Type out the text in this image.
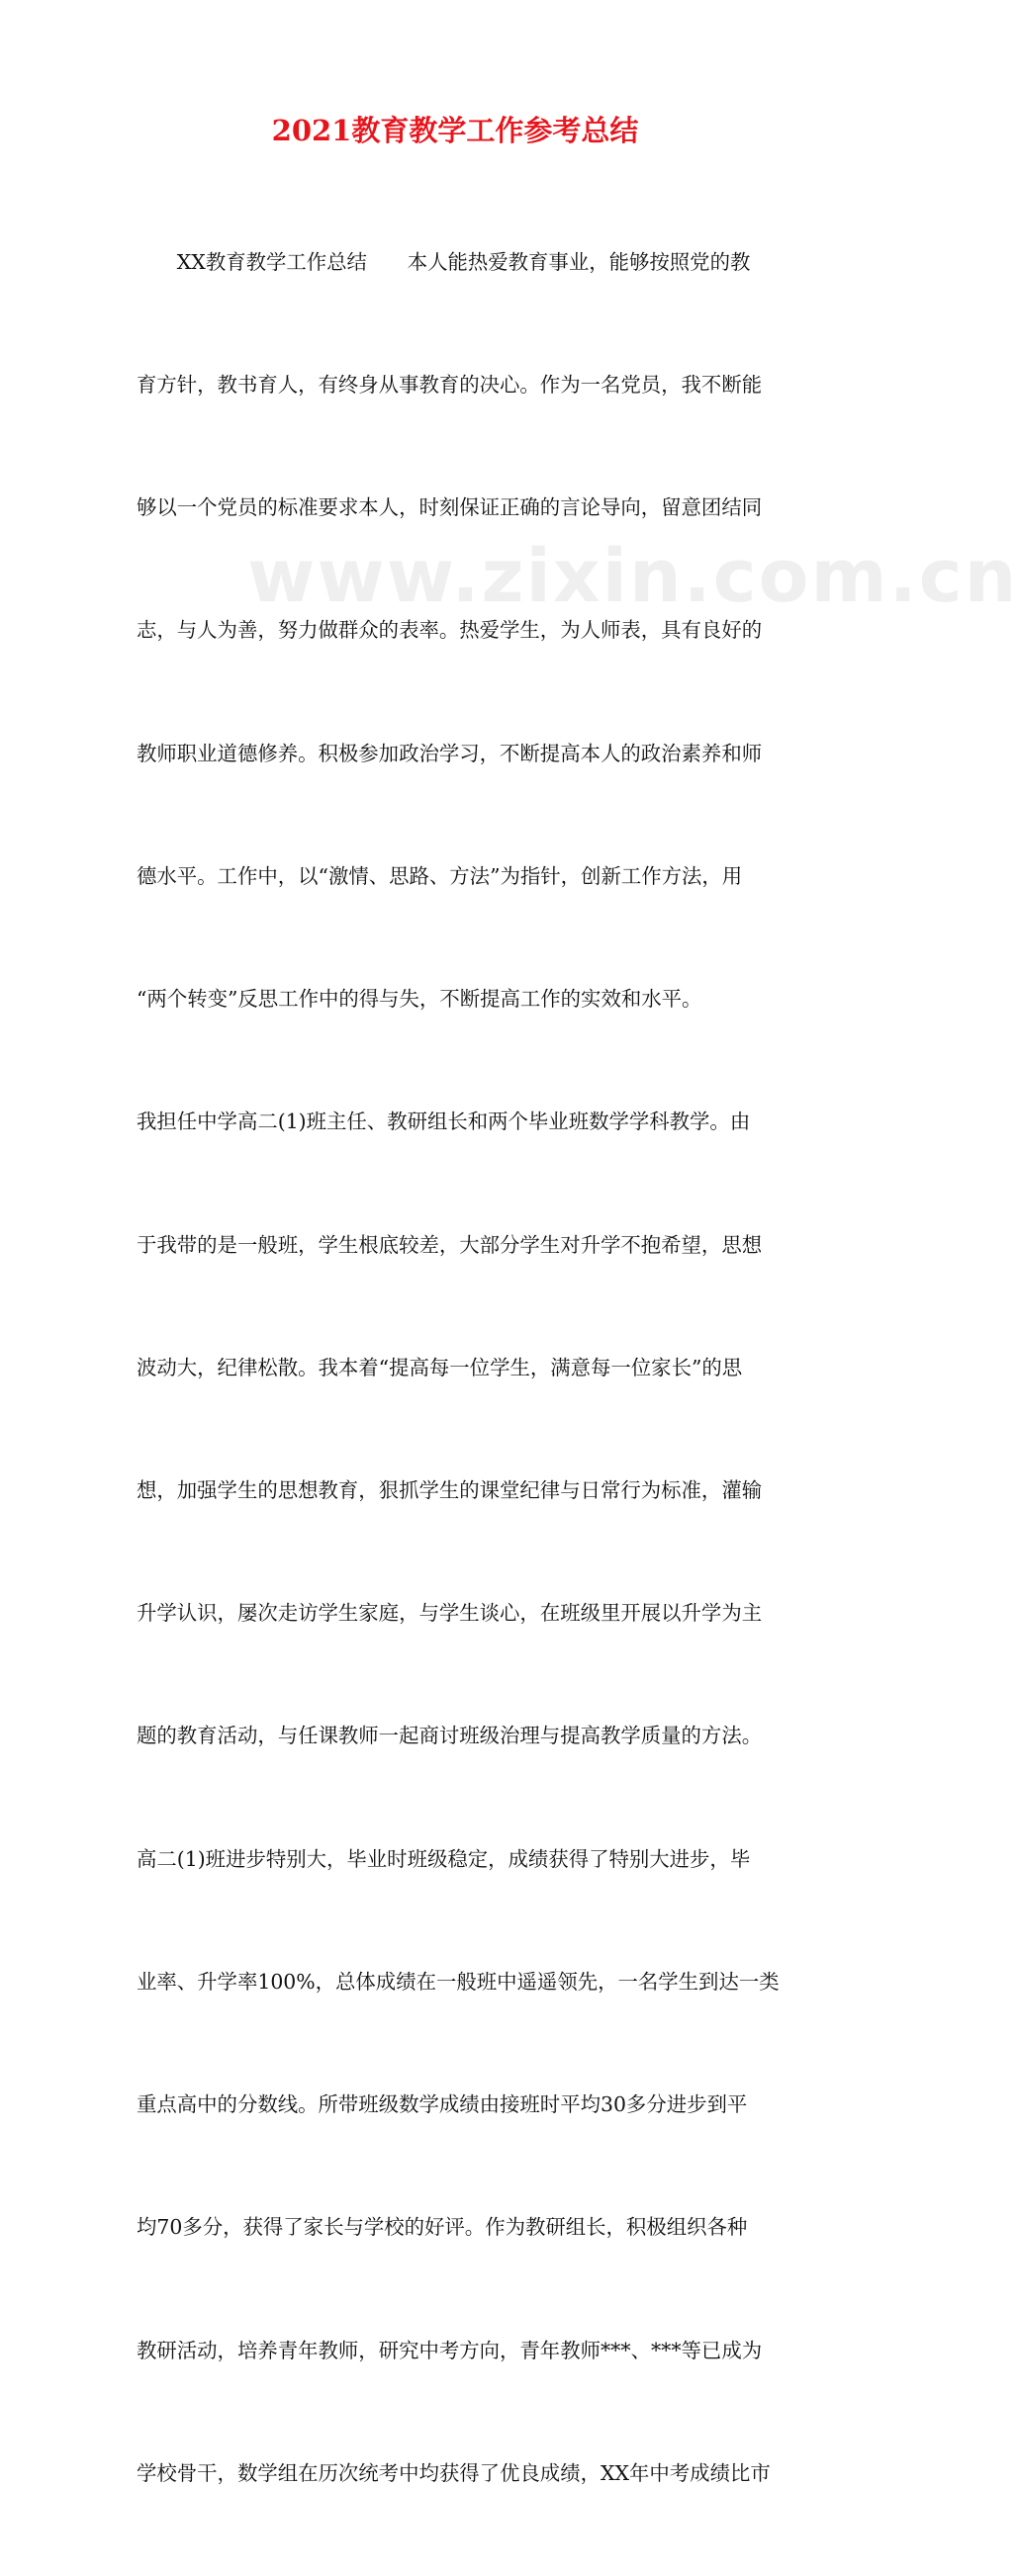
2021教育教学工作参考总结

　　XX教育教学工作总结　　本人能热爱教育事业，能够按照党的教

育方针，教书育人，有终身从事教育的决心。作为一名党员，我不断能

够以一个党员的标准要求本人，时刻保证正确的言论导向，留意团结同

志，与人为善，努力做群众的表率。热爱学生，为人师表，具有良好的

教师职业道德修养。积极参加政治学习，不断提高本人的政治素养和师

德水平。工作中，以“激情、思路、方法”为指针，创新工作方法，用

“两个转变”反思工作中的得与失，不断提高工作的实效和水平。

我担任中学高二(1)班主任、教研组长和两个毕业班数学学科教学。由

于我带的是一般班，学生根底较差，大部分学生对升学不抱希望，思想

波动大，纪律松散。我本着“提高每一位学生，满意每一位家长”的思

想，加强学生的思想教育，狠抓学生的课堂纪律与日常行为标准，灌输

升学认识，屡次走访学生家庭，与学生谈心，在班级里开展以升学为主

题的教育活动，与任课教师一起商讨班级治理与提高教学质量的方法。

高二(1)班进步特别大，毕业时班级稳定，成绩获得了特别大进步，毕

业率、升学率100%，总体成绩在一般班中遥遥领先，一名学生到达一类

重点高中的分数线。所带班级数学成绩由接班时平均30多分进步到平

均70多分，获得了家长与学校的好评。作为教研组长，积极组织各种

教研活动，培养青年教师，研究中考方向，青年教师***、***等已成为

学校骨干，数学组在历次统考中均获得了优良成绩，XX年中考成绩比市

www.zixin.com.cn
